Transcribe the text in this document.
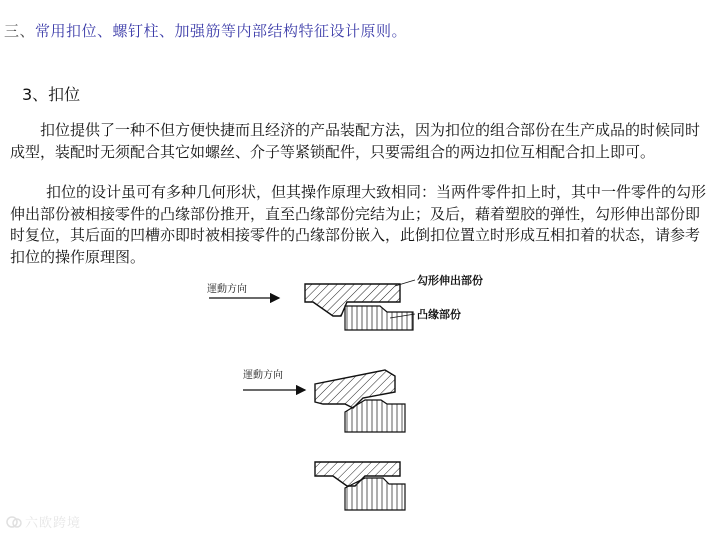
三、常用扣位、螺钉柱、加强筋等内部结构特征设计原则。
3、扣位

扣位提供了一种不但方便快捷而且经济的产品装配方法，因为扣位的组合部份在生产成品的时候同时成型，装配时无须配合其它如螺丝、介子等紧锁配件，只要需组合的两边扣位互相配合扣上即可。

扣位的设计虽可有多种几何形状，但其操作原理大致相同：当两件零件扣上时，其中一件零件的勾形伸出部份被相接零件的凸缘部份推开，直至凸缘部份完结为止；及后，藉着塑胶的弹性，勾形伸出部份即时复位，其后面的凹槽亦即时被相接零件的凸缘部份嵌入，此倒扣位置立时形成互相扣着的状态，请参考扣位的操作原理图。

運動方向
勾形伸出部份
凸缘部份
運動方向
六欧跨境
